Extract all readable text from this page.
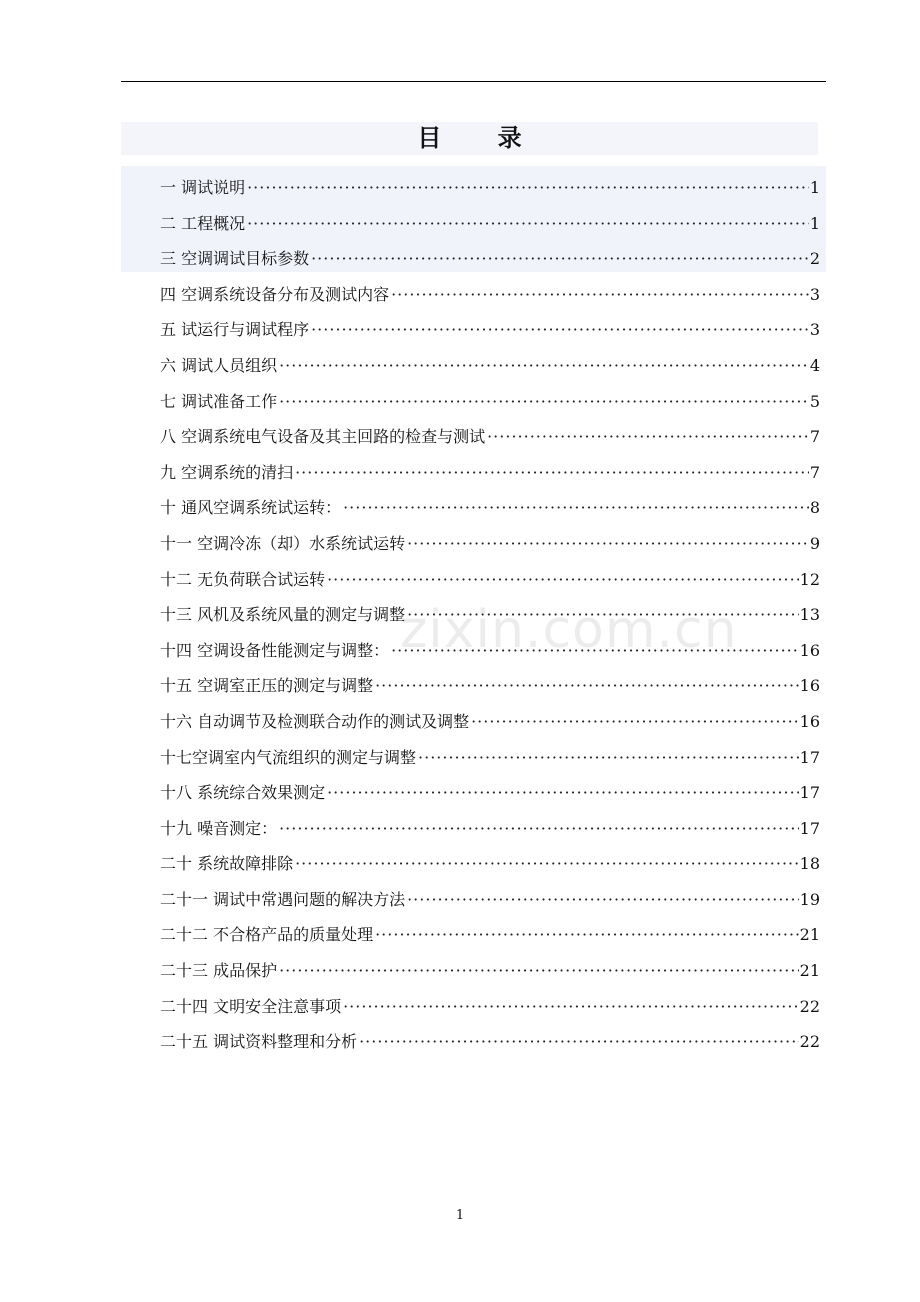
目 录
一 调试说明 ·····	1
二 工程概况 ·····	1
三 空调调试目标参数 ·····	2
四 空调系统设备分布及测试内容 ·····	3
五 试运行与调试程序 ·····	3
六 调试人员组织 ·····	4
七 调试准备工作 ·····	5
八 空调系统电气设备及其主回路的检查与测试 ·····	7
九 空调系统的清扫 ·····	7
十 通风空调系统试运转： ·····	8
十一 空调冷冻（却）水系统试运转 ·····	9
十二 无负荷联合试运转 ·····	12
十三 风机及系统风量的测定与调整 ·····	13
十四 空调设备性能测定与调整： ·····	16
十五 空调室正压的测定与调整 ·····	16
十六 自动调节及检测联合动作的测试及调整 ·····	16
十七空调室内气流组织的测定与调整 ·····	17
十八 系统综合效果测定 ·····	17
十九 噪音测定： ·····	17
二十 系统故障排除 ·····	18
二十一 调试中常遇问题的解决方法 ·····	19
二十二 不合格产品的质量处理 ·····	21
二十三 成品保护 ·····	21
二十四 文明安全注意事项 ·····	22
二十五 调试资料整理和分析 ·····	22
zixin.com.cn
1
